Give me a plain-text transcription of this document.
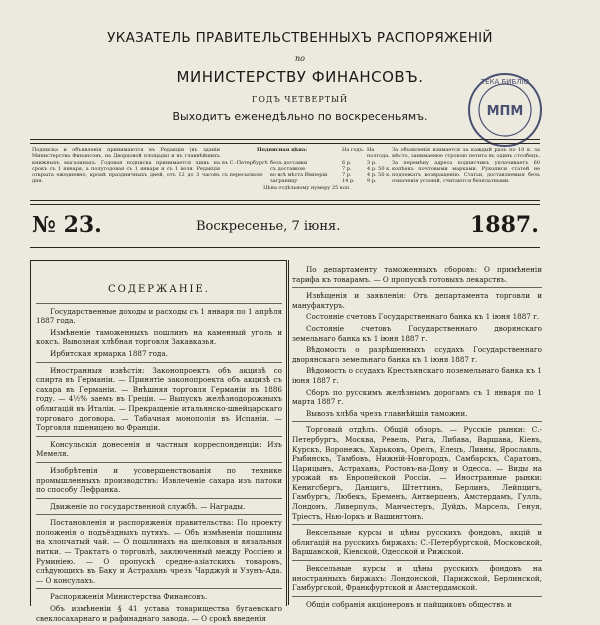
УКАЗАТЕЛЬ ПРАВИТЕЛЬСТВЕННЫХЪ РАСПОРЯЖЕНІЙ
по
МИНИСТЕРСТВУ ФИНАНСОВЪ.
ГОДЪ ЧЕТВЕРТЫЙ
Выходитъ еженедѣльно по воскресеньямъ.	МПМ
ТЕКА БИБЛІО
Подписка и объявленія принимаются въ Редакціи (въ зданіи Министерства Финансовъ, на Дворцовой площади) и въ главнѣйшихъ книжныхъ магазинахъ. Годовая подписка принимается лишь на срокъ съ 1 января, а полугодовая съ 1 января и съ 1 іюля. Редакція открыта ежедневно, кромѣ праздничныхъ дней, отъ 12 до 3 часовъ дня.
Подписная цѣна:	На годъ. На полгода.
въ С.-Петербургѣ безъ доставки	6 р.	3 р.
съ доставкою	7 р.	4 р. 50 к.
съ пересылкою	во всѣ мѣста Имперіи	7 р.	4 р. 50 к.
заграницу	14 р.	9 р.
Цѣна отдѣльному нумеру 25 коп.
За объявленія взимается за каждый разъ по 10 к. за мѣсто, занимаемое строкою петита въ одинъ столбецъ. За перемѣну адреса подписчикъ уплачиваетъ 60 копѣекъ почтовыми марками. Рукописи статей не подлежатъ возвращенію. Статьи, доставляемыя безъ означенія условій, считаются безплатными.
№ 23.	Воскресенье, 7 іюня.	1887.
СОДЕРЖАНІЕ.

Государственные доходы и расходы съ 1 января по 1 апрѣля 1887 года.

Измѣненіе таможенныхъ пошлинъ на каменный уголь и коксъ. Вывозная хлѣбная торговля Закавказья.

Ирбитская ярмарка 1887 года.

Иностранныя извѣстія: Законопроектъ объ акцизѣ со спирта въ Германіи. — Принятіе законопроекта объ акцизѣ съ сахара въ Германіи. — Внѣшняя торговля Германіи въ 1886 году. — 4½% заемъ въ Греціи. — Выпускъ желѣзнодорожныхъ облигацій въ Италіи. — Прекращеніе итальянско-швейцарскаго торговаго договора. — Табачная монополія въ Испаніи. — Торговля пшеницею во Франціи.

Консульскія донесенія и частныя корреспонденціи: Изъ Мемеля.

Изобрѣтенія и усовершенствованія по технике промышленныхъ производствъ: Извлеченіе сахара изъ патоки по способу Лефранка.

Движеніе по государственной службѣ. — Награды.

Постановленія и распоряженія правительства: По проекту положенія о подъёздныхъ путяхъ. — Объ измѣненіи пошлины на хлопчатый чай. — О пошлинахъ на шелковыя и вязальныя нитки. — Трактатъ о торговлѣ, заключенный между Россіею и Руминіею. — О пропускѣ средне-азіатскихъ товаровъ, слѣдующихъ въ Баку и Астрахань чрезъ Чарджуй и Узунъ-Ада. — О консулахъ.

Распоряженія Министерства Финансовъ.

Объ измѣненіи § 41 устава товарищества бугаевскаго свеклосахарнаго и рафинаднаго завода. — О срокѣ введенія

По департаменту таможенныхъ сборовъ: О примѣненіи тарифа къ товарамъ. — О пропускѣ готовыхъ лекарствъ.

Извѣщенія и заявленія: Отъ департамента торговли и мануфактуръ.

Состояніе счетовъ Государственнаго банка къ 1 іюня 1887 г.

Состояніе счетовъ Государственнаго дворянскаго земельнаго банка къ 1 іюня 1887 г.

Вѣдомость о разрѣшенныхъ ссудахъ Государственнаго дворянскаго земельнаго банка къ 1 іюня 1887 г.

Вѣдомость о ссудахъ Крестьянскаго поземельнаго банка къ 1 іюня 1887 г.

Сборъ по русскимъ желѣзнымъ дорогамъ съ 1 января по 1 марта 1887 г.

Вывозъ хлѣба чрезъ главнѣйшія таможни.

Торговый отдѣлъ. Общій обзоръ. — Русскіе рынки: С.-Петербургъ, Москва, Ревель, Рига, Либава, Варшава, Кіевъ, Курскъ, Воронежъ, Харьковъ, Орелъ, Елецъ, Ливны, Ярославль, Рыбинскъ, Тамбовъ, Нижній-Новгородъ, Самбарскъ, Саратовъ, Царицынъ, Астрахань, Ростовъ-на-Дону и Одесса. — Виды на урожай въ Европейской Россіи. — Иностранные рынки: Кенигсбергъ, Данцигъ, Штеттинъ, Берлинъ, Лейпцигъ, Гамбургъ, Любекъ, Бременъ, Антверпенъ, Амстердамъ, Гулль, Лондонъ, Ливерпуль, Манчестеръ, Дуйдъ, Марсель, Генуя, Тріестъ, Нью-Іоркъ и Вашингтонъ.

Вексельные курсы и цѣны русскихъ фондовъ, акцій и облигацій на русскихъ биржахъ: С.-Петербургской, Московской, Варшавской, Кіевской, Одесской и Рижской.

Вексельные курсы и цѣны русскихъ фондовъ на иностранныхъ биржахъ: Лондонской, Парижской, Берлинской, Гамбургской, Франкфуртской и Амстердамской.

Общія собранія акціонеровъ и пайщиковъ обществъ и
